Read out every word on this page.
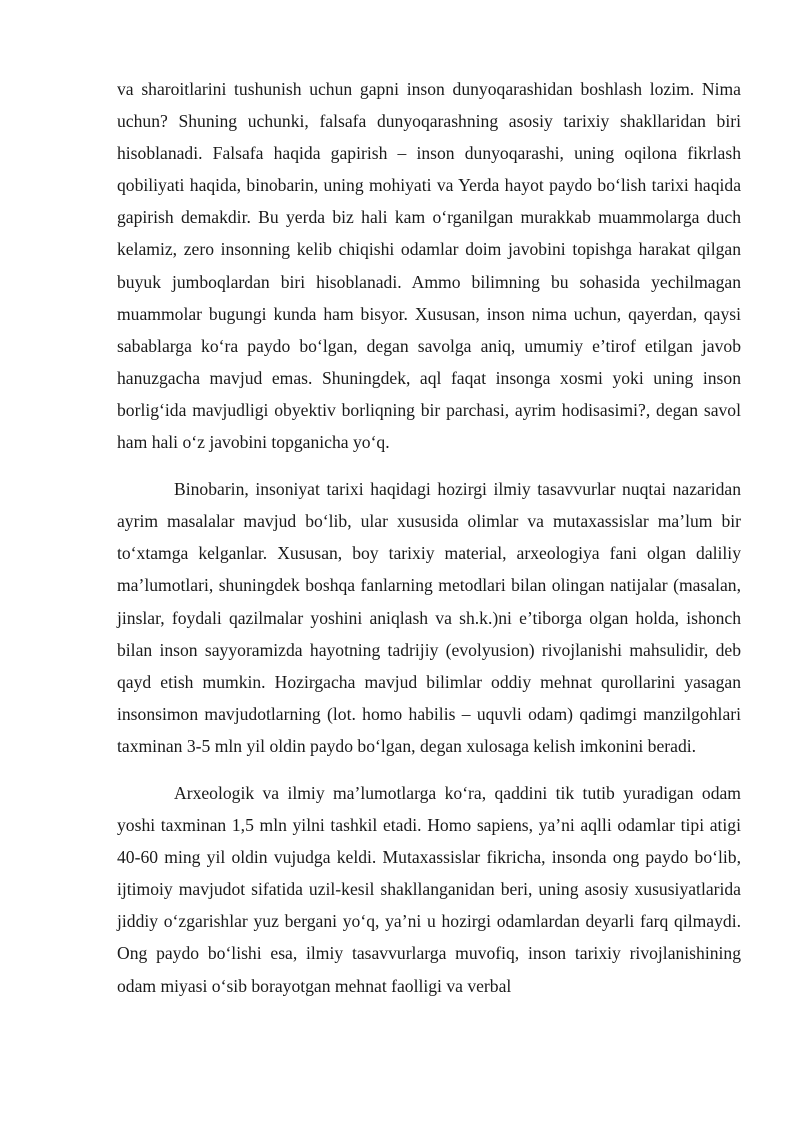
va sharoitlarini tushunish uchun gapni inson dunyoqarashidan boshlash lozim. Nima uchun? Shuning uchunki, falsafa dunyoqarashning asosiy tarixiy shakllaridan biri hisoblanadi. Falsafa haqida gapirish – inson dunyoqarashi, uning oqilona fikrlash qobiliyati haqida, binobarin, uning mohiyati va Yerda hayot paydo bo‘lish tarixi haqida gapirish demakdir. Bu yerda biz hali kam o‘rganilgan murakkab muammolarga duch kelamiz, zero insonning kelib chiqishi odamlar doim javobini topishga harakat qilgan buyuk jumboqlardan biri hisoblanadi. Ammo bilimning bu sohasida yechilmagan muammolar bugungi kunda ham bisyor. Xususan, inson nima uchun, qayerdan, qaysi sabablarga ko‘ra paydo bo‘lgan, degan savolga aniq, umumiy e’tirof etilgan javob hanuzgacha mavjud emas. Shuningdek, aql faqat insonga xosmi yoki uning inson borlig‘ida mavjudligi obyektiv borliqning bir parchasi, ayrim hodisasimi?, degan savol ham hali o‘z javobini topganicha yo‘q.

Binobarin, insoniyat tarixi haqidagi hozirgi ilmiy tasavvurlar nuqtai nazaridan ayrim masalalar mavjud bo‘lib, ular xususida olimlar va mutaxassislar ma’lum bir to‘xtamga kelganlar. Xususan, boy tarixiy material, arxeologiya fani olgan daliliy ma’lumotlari, shuningdek boshqa fanlarning metodlari bilan olingan natijalar (masalan, jinslar, foydali qazilmalar yoshini aniqlash va sh.k.)ni e’tiborga olgan holda, ishonch bilan inson sayyoramizda hayotning tadrijiy (evolyusion) rivojlanishi mahsulidir, deb qayd etish mumkin. Hozirgacha mavjud bilimlar oddiy mehnat qurollarini yasagan insonsimon mavjudotlarning (lot. homo habilis – uquvli odam) qadimgi manzilgohlari taxminan 3-5 mln yil oldin paydo bo‘lgan, degan xulosaga kelish imkonini beradi.

Arxeologik va ilmiy ma’lumotlarga ko‘ra, qaddini tik tutib yuradigan odam yoshi taxminan 1,5 mln yilni tashkil etadi. Homo sapiens, ya’ni aqlli odamlar tipi atigi 40-60 ming yil oldin vujudga keldi. Mutaxassislar fikricha, insonda ong paydo bo‘lib, ijtimoiy mavjudot sifatida uzil-kesil shakllanganidan beri, uning asosiy xususiyatlarida jiddiy o‘zgarishlar yuz bergani yo‘q, ya’ni u hozirgi odamlardan deyarli farq qilmaydi. Ong paydo bo‘lishi esa, ilmiy tasavvurlarga muvofiq, inson tarixiy rivojlanishining odam miyasi o‘sib borayotgan mehnat faolligi va verbal
